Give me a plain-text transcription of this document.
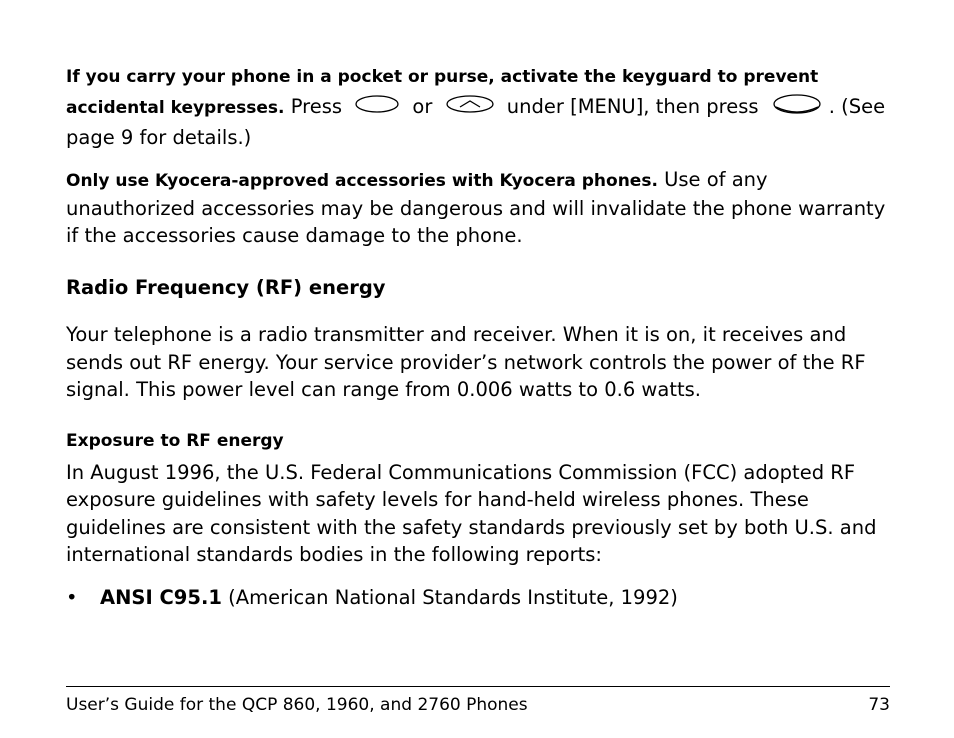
If you carry your phone in a pocket or purse, activate the keyguard to prevent accidental keypresses. Press	or	under [MENU], then press	. (See page 9 for details.)

Only use Kyocera-approved accessories with Kyocera phones. Use of any unauthorized accessories may be dangerous and will invalidate the phone warranty if the accessories cause damage to the phone.

Radio Frequency (RF) energy

Your telephone is a radio transmitter and receiver. When it is on, it receives and sends out RF energy. Your service provider’s network controls the power of the RF signal. This power level can range from 0.006 watts to 0.6 watts.

Exposure to RF energy

In August 1996, the U.S. Federal Communications Commission (FCC) adopted RF exposure guidelines with safety levels for hand-held wireless phones. These guidelines are consistent with the safety standards previously set by both U.S. and international standards bodies in the following reports:

• ANSI C95.1 (American National Standards Institute, 1992)
User’s Guide for the QCP 860, 1960, and 2760 Phones	73
